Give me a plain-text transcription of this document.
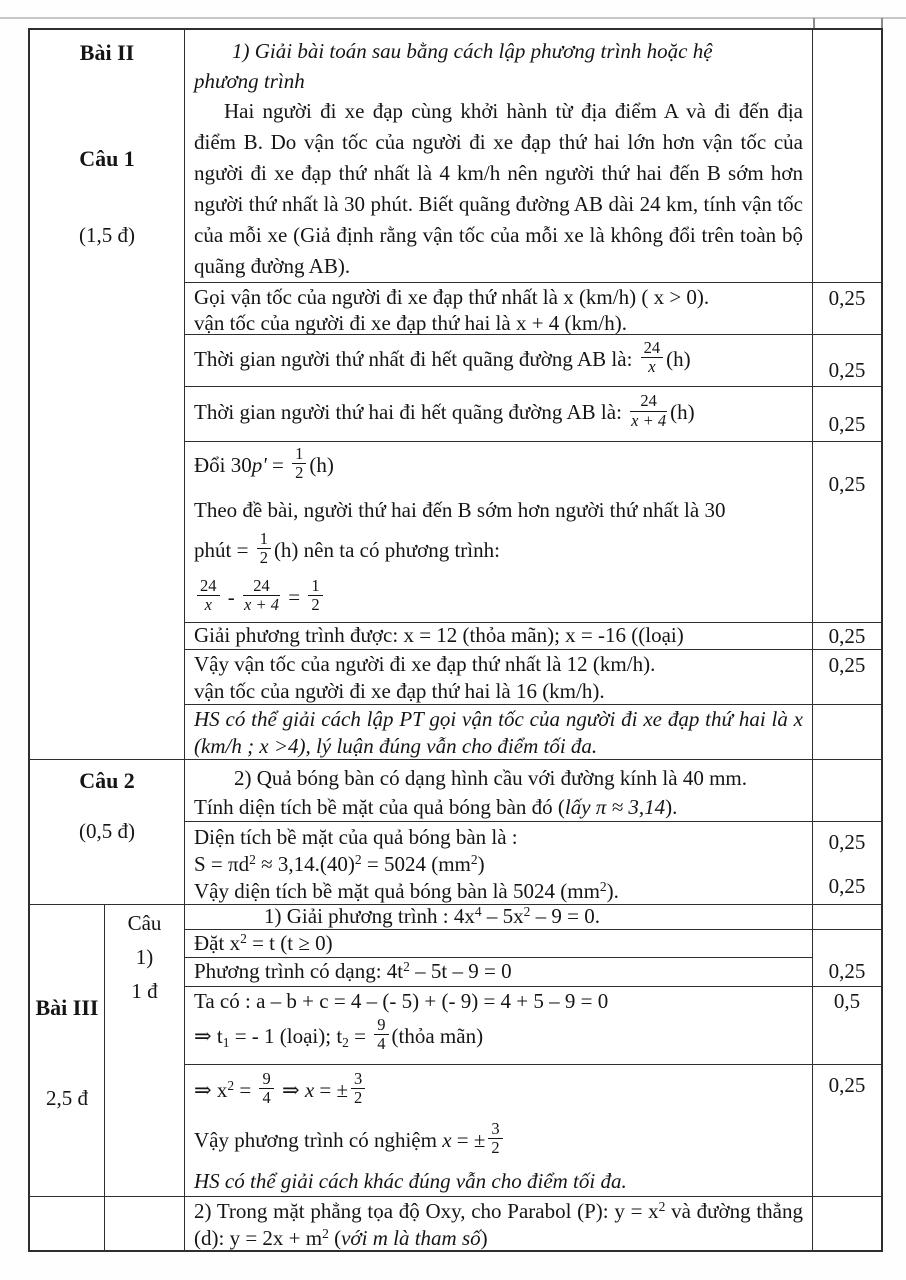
Bài II
Câu 1
(1,5 đ)
1) Giải bài toán sau bằng cách lập phương trình hoặc hệ
phương trình
Hai người đi xe đạp cùng khởi hành từ địa điểm A và đi đến địa điểm B. Do vận tốc của người đi xe đạp thứ hai lớn hơn vận tốc của người đi xe đạp thứ nhất là 4 km/h nên người thứ hai đến B sớm hơn người thứ nhất là 30 phút. Biết quãng đường AB dài 24 km, tính vận tốc của mỗi xe (Giả định rằng vận tốc của mỗi xe là không đổi trên toàn bộ quãng đường AB).
Gọi vận tốc của người đi xe đạp thứ nhất là x (km/h) ( x > 0).
vận tốc của người đi xe đạp thứ hai là x + 4 (km/h).
0,25
Thời gian người thứ nhất đi hết quãng đường AB là: $\frac{24}{x} (h)$	0,25
Thời gian người thứ hai đi hết quãng đường AB là: $\frac{24}{x + 4} (h)$
0,25
Đổi $30p' = \frac{1}{2} (h)$
Theo đề bài, người thứ hai đến B sớm hơn người thứ nhất là 30
phút = $\frac{1}{2} (h)$ nên ta có phương trình:
$\frac{24}{x} - \frac{24}{x + 4} = \frac{1}{2}$
0,25
Giải phương trình được: x = 12 (thỏa mãn); x = -16 ((loại)	0,25
Vậy vận tốc của người đi xe đạp thứ nhất là 12 (km/h).
vận tốc của người đi xe đạp thứ hai là 16 (km/h).
0,25
HS có thể giải cách lập PT gọi vận tốc của người đi xe đạp thứ hai là x (km/h ; x >4), lý luận đúng vẫn cho điểm tối đa.
Câu 2
(0,5 đ)
2) Quả bóng bàn có dạng hình cầu với đường kính là 40 mm.
Tính diện tích bề mặt của quả bóng bàn đó (lấy π ≈ 3,14).
Diện tích bề mặt của quả bóng bàn là :
$S = \pi d^2 \approx 3,14.(40)^2 = 5024$ $(mm^2)$
Vậy diện tích bề mặt quả bóng bàn là 5024 $(mm^2)$.
0,25
0,25
Bài III
2,5 đ
Câu
1)
1 đ
1) Giải phương trình : $4x^4 - 5x^2 - 9 = 0$.
Đặt $x^2 = t$ (t ≥ 0)
0,25
Phương trình có dạng: $4t^2 - 5t - 9 = 0$
Ta có : a – b + c = 4 – (- 5) + (- 9) = 4 + 5 – 9 = 0
⇒ t1 = - 1 (loại); $t2 = \frac{9}{4}$ (thỏa mãn)
0,5
⇒ $x^2 = \frac{9}{4}$ ⇒ x = ± $\frac{3}{2}$
Vậy phương trình có nghiệm x = ± $\frac{3}{2}$
HS có thể giải cách khác đúng vẫn cho điểm tối đa.
0,25
2) Trong mặt phẳng tọa độ Oxy, cho Parabol (P): $y = x^2$ và đường thẳng (d): $y = 2x + m^2$ (với m là tham số)
